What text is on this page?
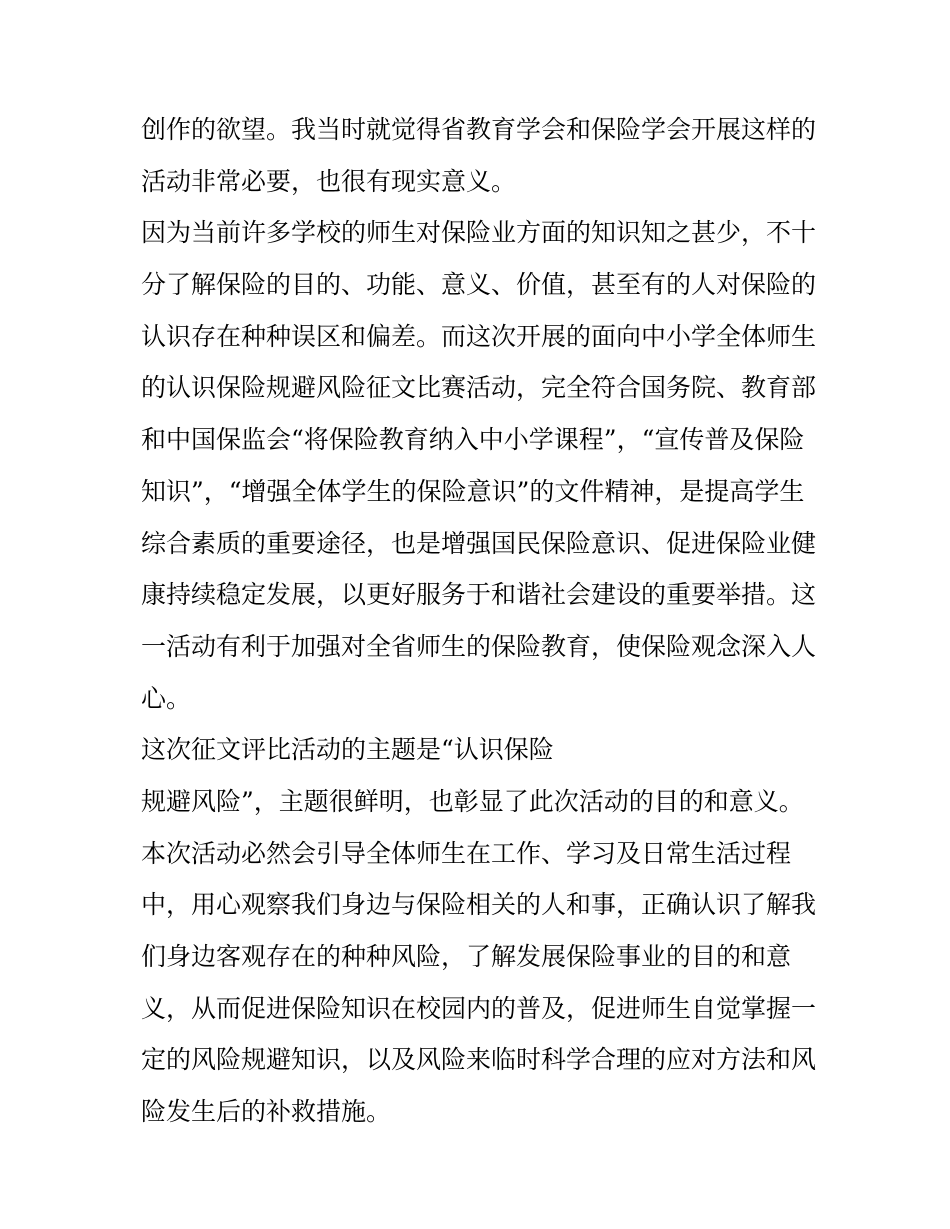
创作的欲望。我当时就觉得省教育学会和保险学会开展这样的
活动非常必要，也很有现实意义。
因为当前许多学校的师生对保险业方面的知识知之甚少，不十
分了解保险的目的、功能、意义、价值，甚至有的人对保险的
认识存在种种误区和偏差。而这次开展的面向中小学全体师生
的认识保险规避风险征文比赛活动，完全符合国务院、教育部
和中国保监会“将保险教育纳入中小学课程”，“宣传普及保险
知识”，“增强全体学生的保险意识”的文件精神，是提高学生
综合素质的重要途径，也是增强国民保险意识、促进保险业健
康持续稳定发展，以更好服务于和谐社会建设的重要举措。这
一活动有利于加强对全省师生的保险教育，使保险观念深入人
心。
这次征文评比活动的主题是“认识保险
规避风险”，主题很鲜明，也彰显了此次活动的目的和意义。
本次活动必然会引导全体师生在工作、学习及日常生活过程
中，用心观察我们身边与保险相关的人和事，正确认识了解我
们身边客观存在的种种风险，了解发展保险事业的目的和意
义，从而促进保险知识在校园内的普及，促进师生自觉掌握一
定的风险规避知识，以及风险来临时科学合理的应对方法和风
险发生后的补救措施。
